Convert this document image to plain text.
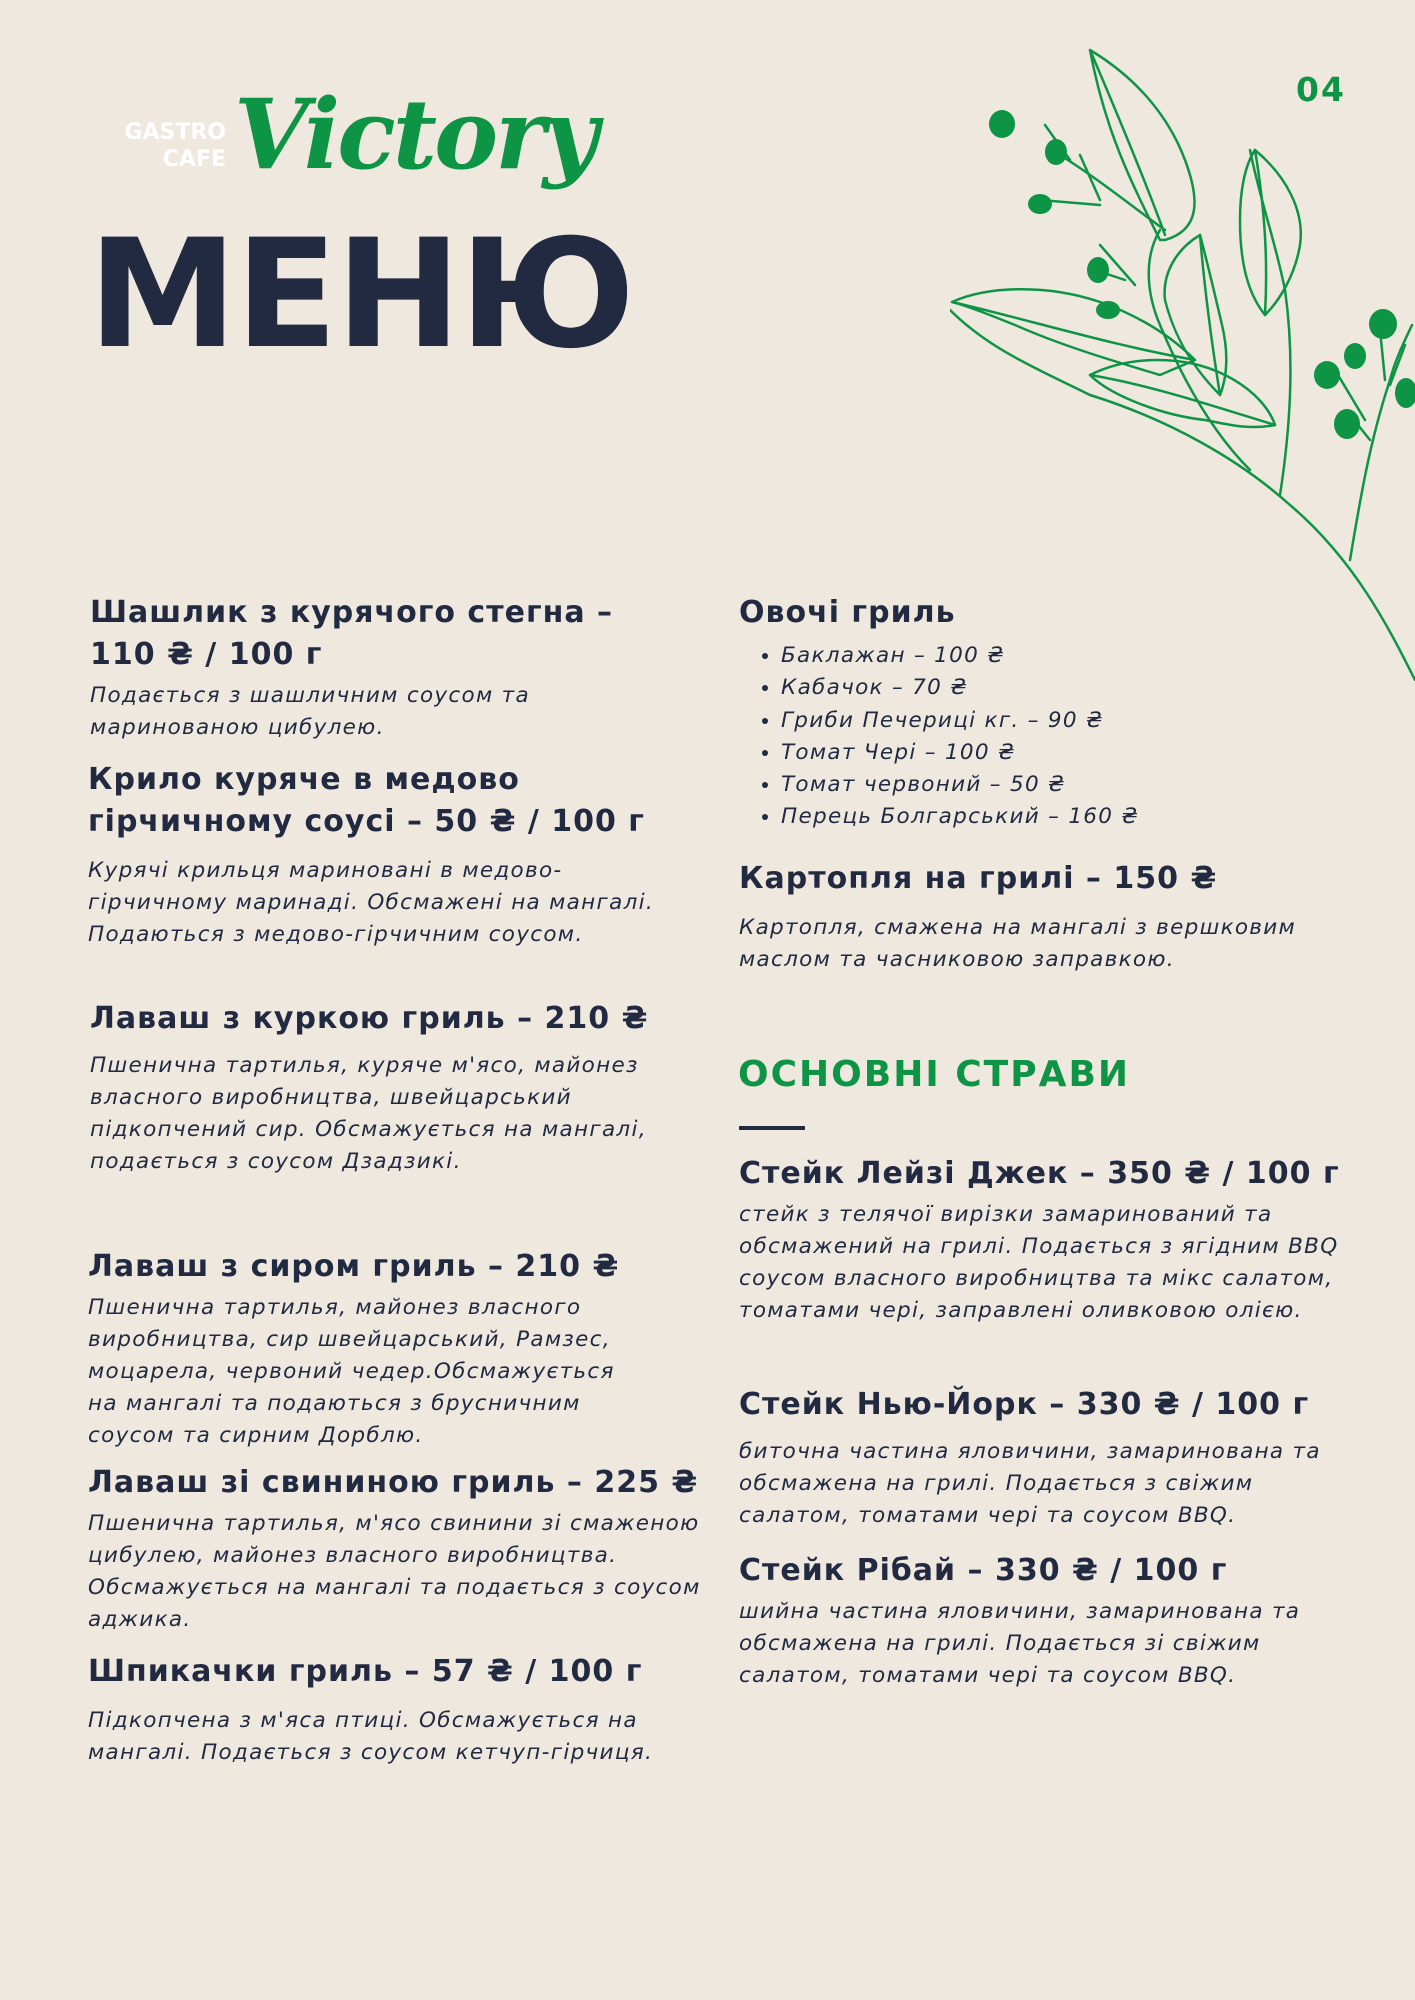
04
GASTRO
CAFE Victory
МЕНЮ
Шашлик з курячого стегна – 110 ₴ / 100 г

Подається з шашличним соусом та маринованою цибулею.

Крило куряче в медово гірчичному соусі – 50 ₴ / 100 г

Курячі крильця мариновані в медово-гірчичному маринаді. Обсмажені на мангалі. Подаються з медово-гірчичним соусом.

Лаваш з куркою гриль – 210 ₴

Пшенична тартилья, куряче м'ясо, майонез власного виробництва, швейцарський підкопчений сир. Обсмажується на мангалі, подається з соусом Дзадзикі.

Лаваш з сиром гриль – 210 ₴

Пшенична тартилья, майонез власного виробництва, сир швейцарський, Рамзес, моцарела, червоний чедер.Обсмажується на мангалі та подаються з брусничним соусом та сирним Дорблю.

Лаваш зі свининою гриль – 225 ₴

Пшенична тартилья, м'ясо свинини зі смаженою цибулею, майонез власного виробництва. Обсмажується на мангалі та подається з соусом аджика.

Шпикачки гриль – 57 ₴ / 100 г

Підкопчена з м'яса птиці. Обсмажується на мангалі. Подається з соусом кетчуп-гірчиця.

Овочі гриль
• Баклажан – 100 ₴
• Кабачок – 70 ₴
• Гриби Печериці кг. – 90 ₴
• Томат Чері – 100 ₴
• Томат червоний – 50 ₴
• Перець Болгарський – 160 ₴
Картопля на грилі – 150 ₴

Картопля, смажена на мангалі з вершковим маслом та часниковою заправкою.

ОСНОВНІ СТРАВИ
Стейк Лейзі Джек – 350 ₴ / 100 г

стейк з телячої вирізки замаринований та обсмажений на грилі. Подається з ягідним BBQ соусом власного виробництва та мікс салатом, томатами чері, заправлені оливковою олією.

Стейк Нью-Йорк – 330 ₴ / 100 г

биточна частина яловичини, замаринована та обсмажена на грилі. Подається з свіжим салатом, томатами чері та соусом BBQ.

Стейк Рібай – 330 ₴ / 100 г

шийна частина яловичини, замаринована та обсмажена на грилі. Подається зі свіжим салатом, томатами чері та соусом BBQ.
